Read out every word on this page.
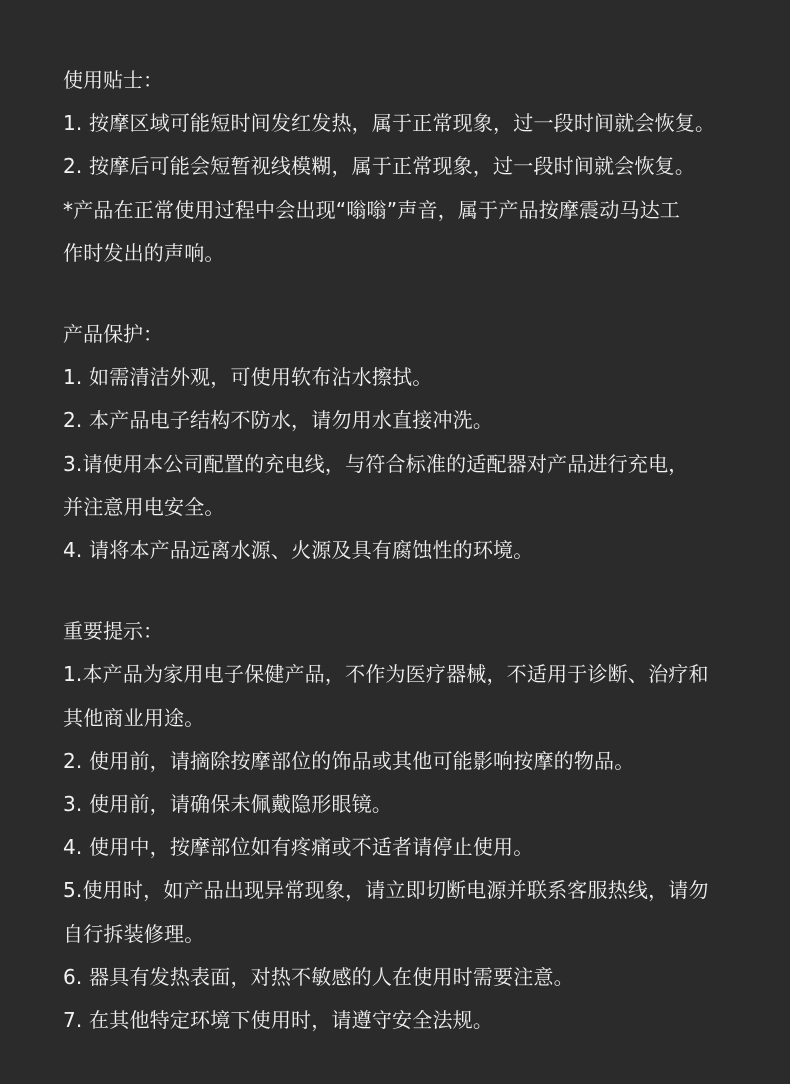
使用贴士：
1. 按摩区域可能短时间发红发热，属于正常现象，过一段时间就会恢复。
2. 按摩后可能会短暂视线模糊，属于正常现象，过一段时间就会恢复。
*产品在正常使用过程中会出现“嗡嗡”声音，属于产品按摩震动马达工
作时发出的声响。
产品保护：
1. 如需清洁外观，可使用软布沾水擦拭。
2. 本产品电子结构不防水，请勿用水直接冲洗。
3.请使用本公司配置的充电线，与符合标准的适配器对产品进行充电，
并注意用电安全。
4. 请将本产品远离水源、火源及具有腐蚀性的环境。
重要提示：
1.本产品为家用电子保健产品，不作为医疗器械，不适用于诊断、治疗和
其他商业用途。
2. 使用前，请摘除按摩部位的饰品或其他可能影响按摩的物品。
3. 使用前，请确保未佩戴隐形眼镜。
4. 使用中，按摩部位如有疼痛或不适者请停止使用。
5.使用时，如产品出现异常现象，请立即切断电源并联系客服热线，请勿
自行拆装修理。
6. 器具有发热表面，对热不敏感的人在使用时需要注意。
7. 在其他特定环境下使用时，请遵守安全法规。
